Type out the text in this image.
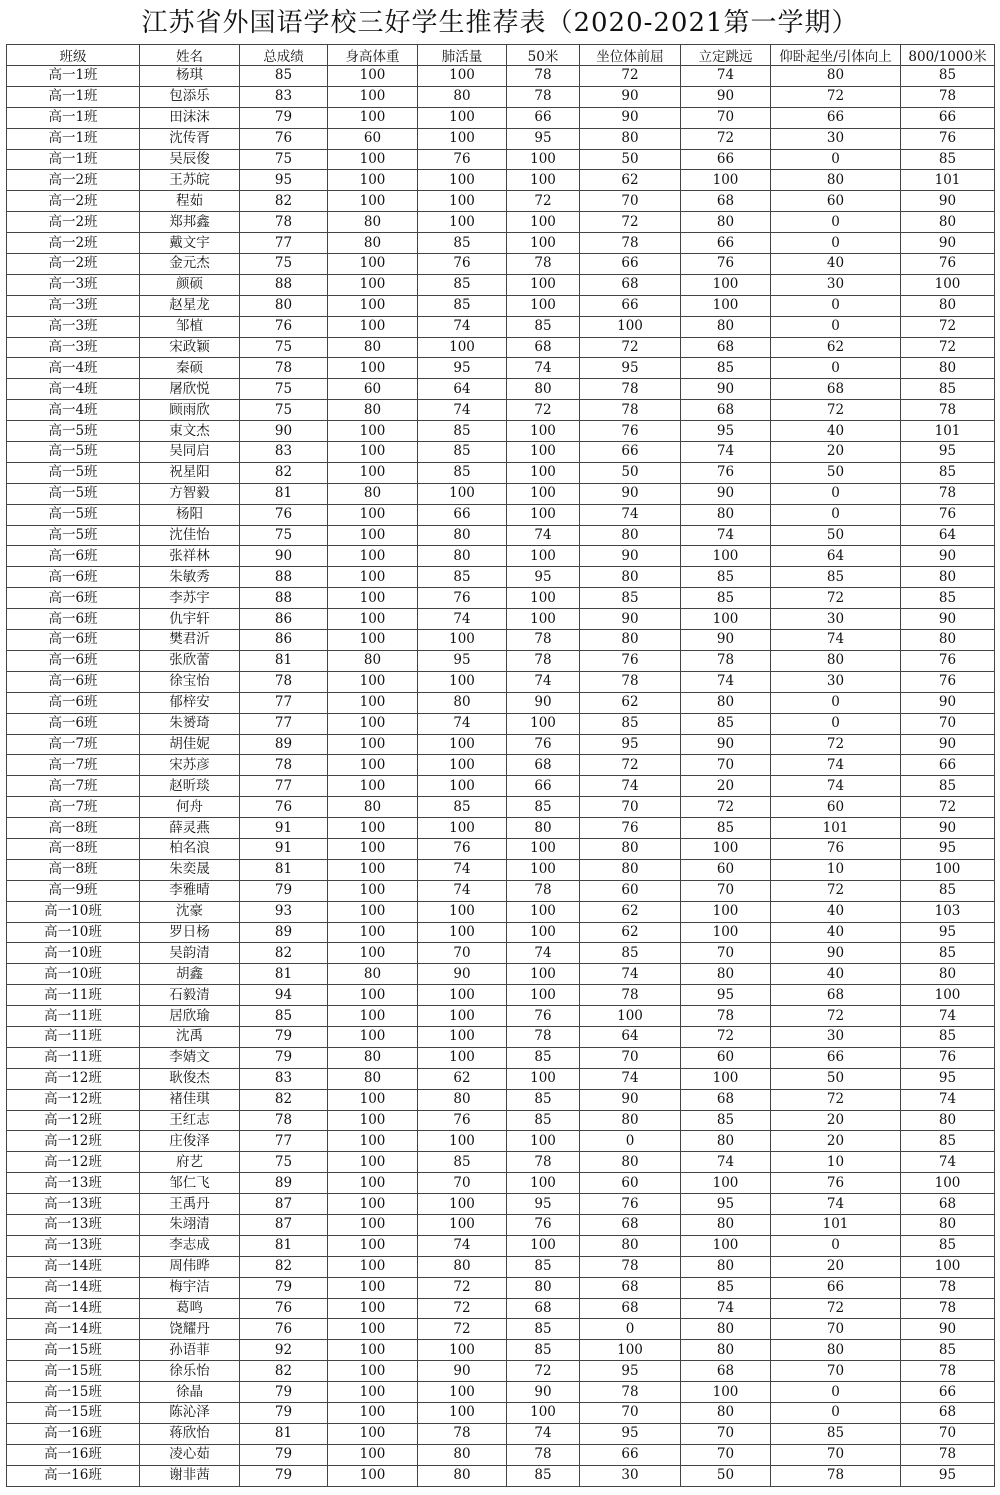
江苏省外国语学校三好学生推荐表（2020-2021第一学期）
班级	姓名	总成绩	身高体重	肺活量	50米	坐位体前屈	立定跳远	仰卧起坐/引体向上	800/1000米
高一1班	杨琪	85	100	100	78	72	74	80	85
高一1班	包添乐	83	100	80	78	90	90	72	78
高一1班	田沫沫	79	100	100	66	90	70	66	66
高一1班	沈传胥	76	60	100	95	80	72	30	76
高一1班	吴辰俊	75	100	76	100	50	66	0	85
高一2班	王苏皖	95	100	100	100	62	100	80	101
高一2班	程茹	82	100	100	72	70	68	60	90
高一2班	郑邦鑫	78	80	100	100	72	80	0	80
高一2班	戴文宇	77	80	85	100	78	66	0	90
高一2班	金元杰	75	100	76	78	66	76	40	76
高一3班	颜硕	88	100	85	100	68	100	30	100
高一3班	赵星龙	80	100	85	100	66	100	0	80
高一3班	邹植	76	100	74	85	100	80	0	72
高一3班	宋政颖	75	80	100	68	72	68	62	72
高一4班	秦硕	78	100	95	74	95	85	0	80
高一4班	屠欣悦	75	60	64	80	78	90	68	85
高一4班	顾雨欣	75	80	74	72	78	68	72	78
高一5班	束文杰	90	100	85	100	76	95	40	101
高一5班	吴同启	83	100	85	100	66	74	20	95
高一5班	祝星阳	82	100	85	100	50	76	50	85
高一5班	方智毅	81	80	100	100	90	90	0	78
高一5班	杨阳	76	100	66	100	74	80	0	76
高一5班	沈佳怡	75	100	80	74	80	74	50	64
高一6班	张祥林	90	100	80	100	90	100	64	90
高一6班	朱敏秀	88	100	85	95	80	85	85	80
高一6班	李苏宇	88	100	76	100	85	85	72	85
高一6班	仇宇轩	86	100	74	100	90	100	30	90
高一6班	樊君沂	86	100	100	78	80	90	74	80
高一6班	张欣蕾	81	80	95	78	76	78	80	76
高一6班	徐宝怡	78	100	100	74	78	74	30	76
高一6班	郁梓安	77	100	80	90	62	80	0	90
高一6班	朱赟琦	77	100	74	100	85	85	0	70
高一7班	胡佳妮	89	100	100	76	95	90	72	90
高一7班	宋苏彦	78	100	100	68	72	70	74	66
高一7班	赵昕琰	77	100	100	66	74	20	74	85
高一7班	何舟	76	80	85	85	70	72	60	72
高一8班	薛灵燕	91	100	100	80	76	85	101	90
高一8班	柏名浪	91	100	76	100	80	100	76	95
高一8班	朱奕晟	81	100	74	100	80	60	10	100
高一9班	李雅晴	79	100	74	78	60	70	72	85
高一10班	沈豪	93	100	100	100	62	100	40	103
高一10班	罗日杨	89	100	100	100	62	100	40	95
高一10班	吴韵清	82	100	70	74	85	70	90	85
高一10班	胡鑫	81	80	90	100	74	80	40	80
高一11班	石毅清	94	100	100	100	78	95	68	100
高一11班	居欣瑜	85	100	100	76	100	78	72	74
高一11班	沈禹	79	100	100	78	64	72	30	85
高一11班	李婧文	79	80	100	85	70	60	66	76
高一12班	耿俊杰	83	80	62	100	74	100	50	95
高一12班	褚佳琪	82	100	80	85	90	68	72	74
高一12班	王红志	78	100	76	85	80	85	20	80
高一12班	庄俊泽	77	100	100	100	0	80	20	85
高一12班	府艺	75	100	85	78	80	74	10	74
高一13班	邹仁飞	89	100	70	100	60	100	76	100
高一13班	王禹丹	87	100	100	95	76	95	74	68
高一13班	朱翊清	87	100	100	76	68	80	101	80
高一13班	李志成	81	100	74	100	80	100	0	85
高一14班	周伟晔	82	100	80	85	78	80	20	100
高一14班	梅宇洁	79	100	72	80	68	85	66	78
高一14班	葛鸣	76	100	72	68	68	74	72	78
高一14班	饶耀丹	76	100	72	85	0	80	70	90
高一15班	孙语菲	92	100	100	85	100	80	80	85
高一15班	徐乐怡	82	100	90	72	95	68	70	78
高一15班	徐晶	79	100	100	90	78	100	0	66
高一15班	陈沁泽	79	100	100	100	70	80	0	68
高一16班	蒋欣怡	81	100	78	74	95	70	85	70
高一16班	凌心茹	79	100	80	78	66	70	70	78
高一16班	谢非茜	79	100	80	85	30	50	78	95
